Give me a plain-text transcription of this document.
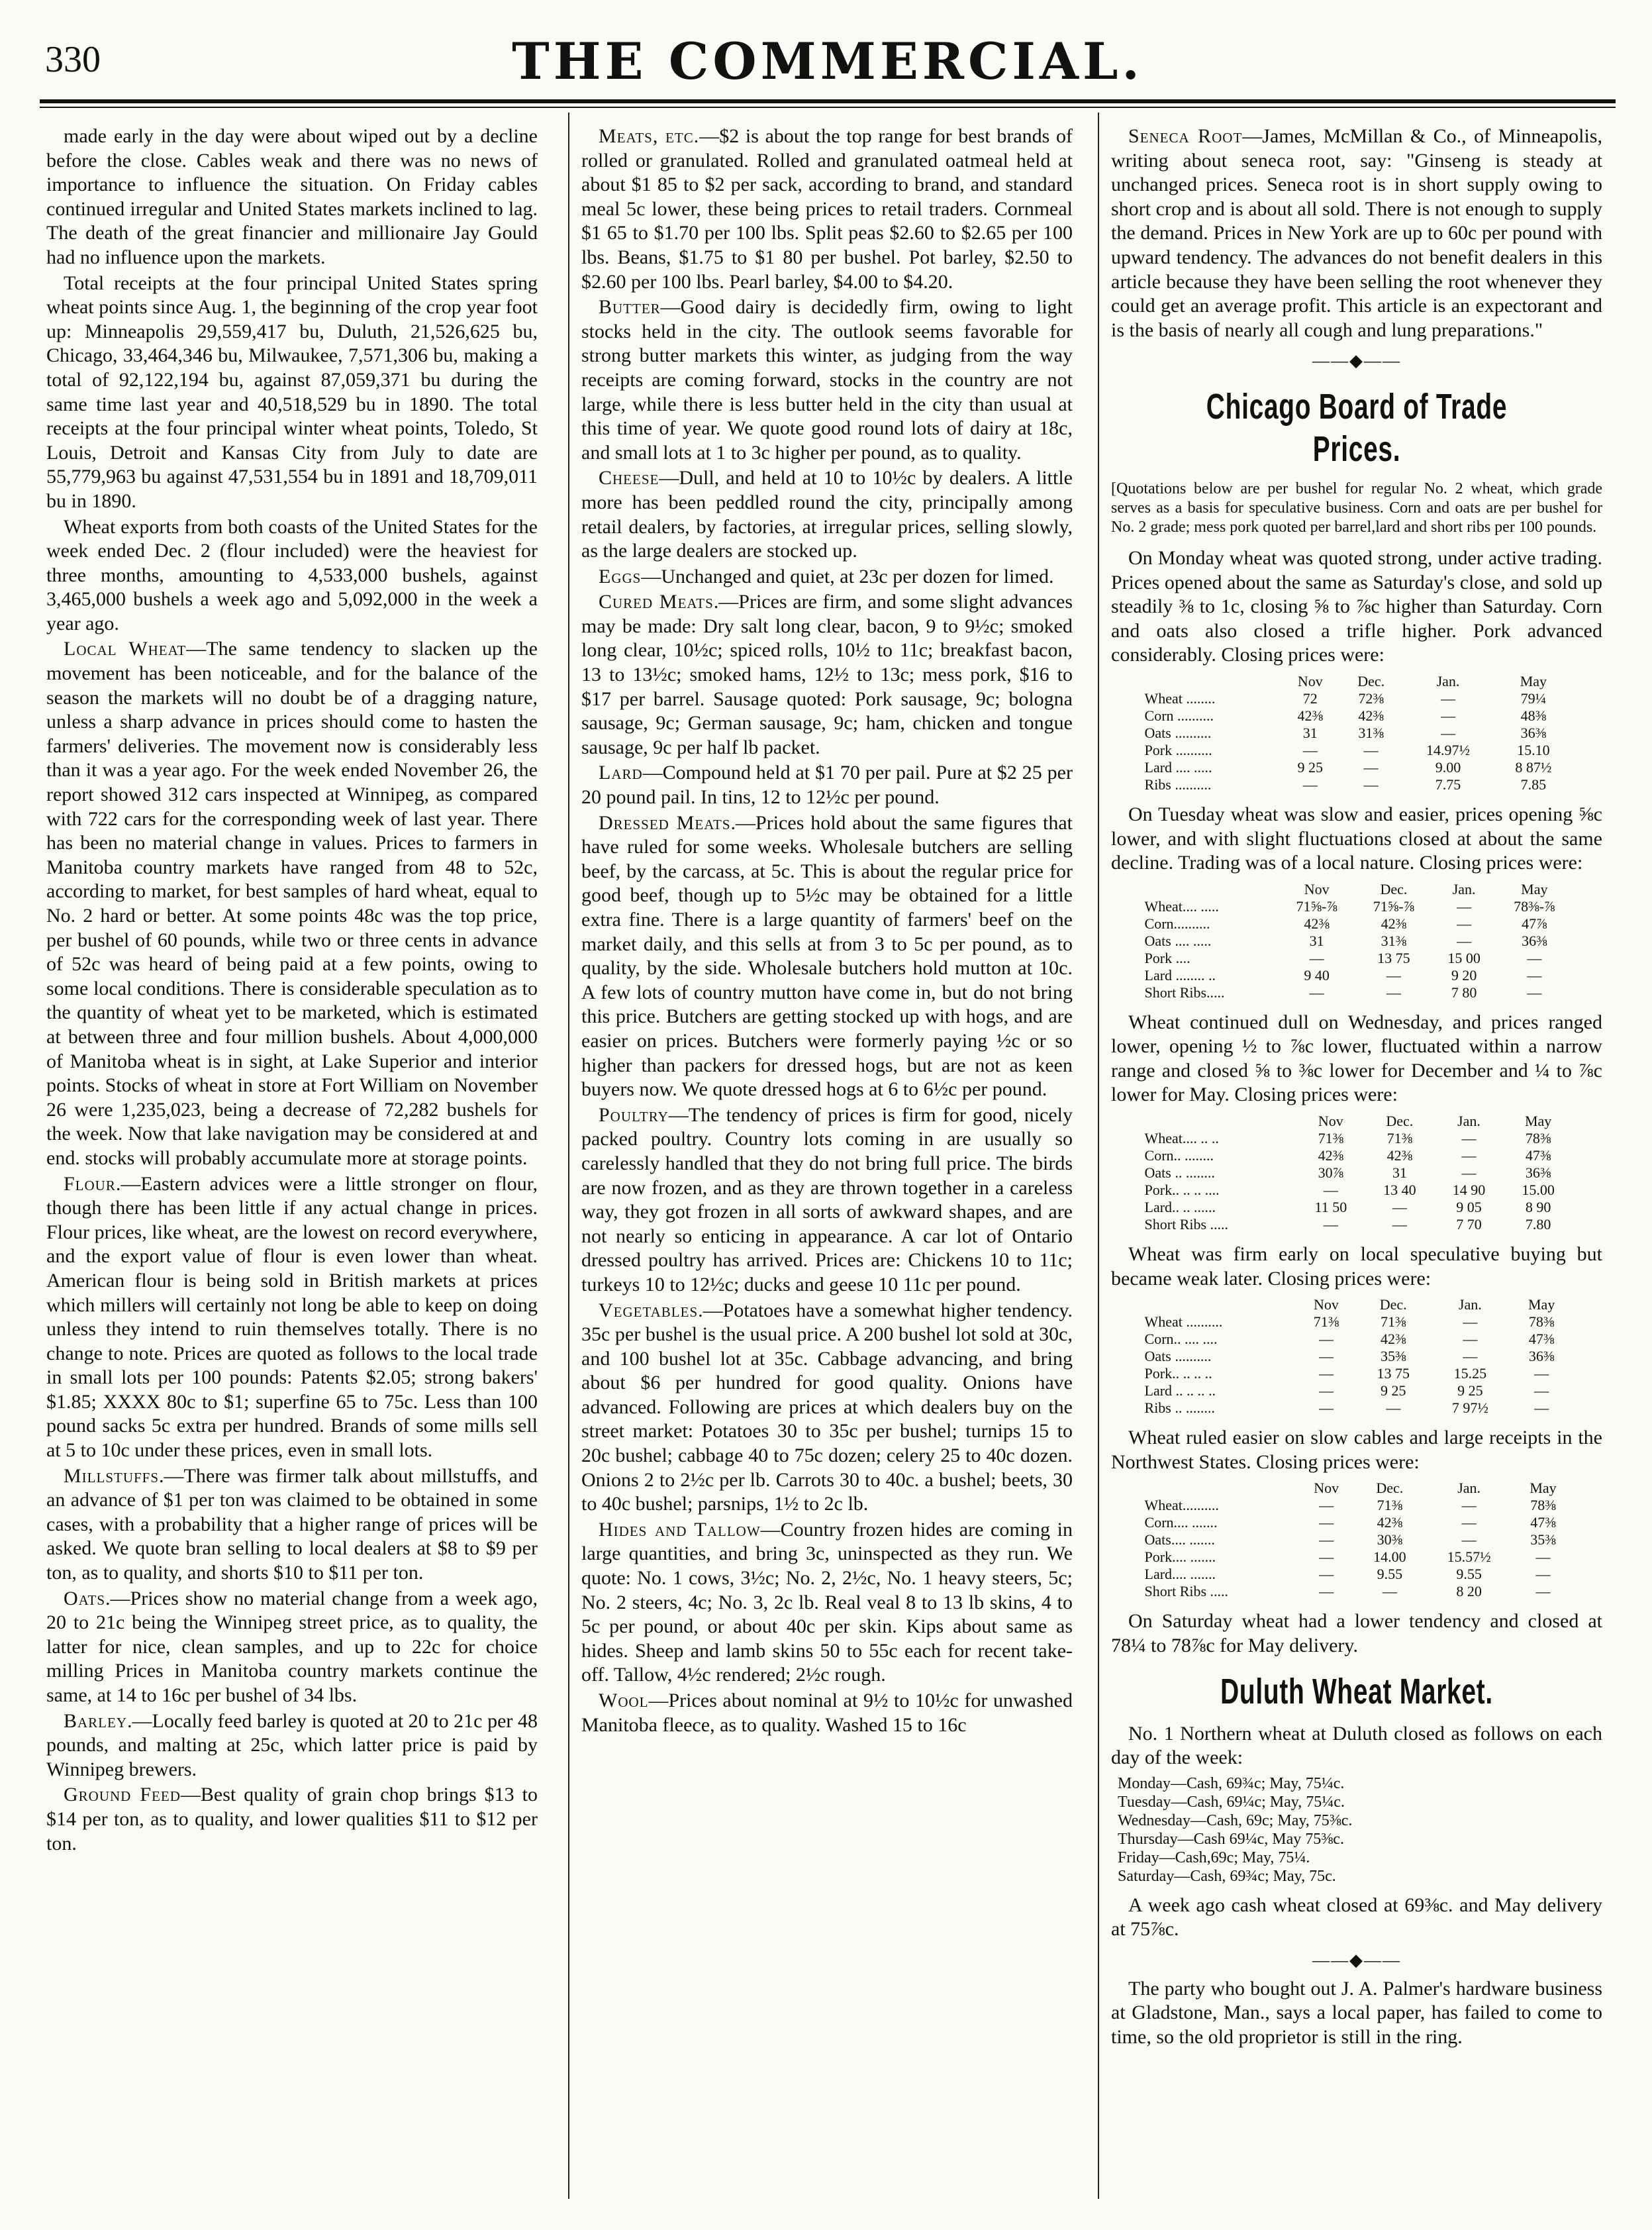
330	THE COMMERCIAL.

made early in the day were about wiped out by a decline before the close. Cables weak and there was no news of importance to influence the situation. On Friday cables continued irregular and United States markets inclined to lag. The death of the great financier and millionaire Jay Gould had no influence upon the markets.

Total receipts at the four principal United States spring wheat points since Aug. 1, the beginning of the crop year foot up: Minneapolis 29,559,417 bu, Duluth, 21,526,625 bu, Chicago, 33,464,346 bu, Milwaukee, 7,571,306 bu, making a total of 92,122,194 bu, against 87,059,371 bu during the same time last year and 40,518,529 bu in 1890. The total receipts at the four principal winter wheat points, Toledo, St Louis, Detroit and Kansas City from July to date are 55,779,963 bu against 47,531,554 bu in 1891 and 18,709,011 bu in 1890.

Wheat exports from both coasts of the United States for the week ended Dec. 2 (flour included) were the heaviest for three months, amounting to 4,533,000 bushels, against 3,465,000 bushels a week ago and 5,092,000 in the week a year ago.

Local Wheat—The same tendency to slacken up the movement has been noticeable, and for the balance of the season the markets will no doubt be of a dragging nature, unless a sharp advance in prices should come to hasten the farmers' deliveries. The movement now is considerably less than it was a year ago. For the week ended November 26, the report showed 312 cars inspected at Winnipeg, as compared with 722 cars for the corresponding week of last year. There has been no material change in values. Prices to farmers in Manitoba country markets have ranged from 48 to 52c, according to market, for best samples of hard wheat, equal to No. 2 hard or better. At some points 48c was the top price, per bushel of 60 pounds, while two or three cents in advance of 52c was heard of being paid at a few points, owing to some local conditions. There is considerable speculation as to the quantity of wheat yet to be marketed, which is estimated at between three and four million bushels. About 4,000,000 of Manitoba wheat is in sight, at Lake Superior and interior points. Stocks of wheat in store at Fort William on November 26 were 1,235,023, being a decrease of 72,282 bushels for the week. Now that lake navigation may be considered at and end. stocks will probably accumulate more at storage points.

Flour.—Eastern advices were a little stronger on flour, though there has been little if any actual change in prices. Flour prices, like wheat, are the lowest on record everywhere, and the export value of flour is even lower than wheat. American flour is being sold in British markets at prices which millers will certainly not long be able to keep on doing unless they intend to ruin themselves totally. There is no change to note. Prices are quoted as follows to the local trade in small lots per 100 pounds: Patents $2.05; strong bakers' $1.85; XXXX 80c to $1; superfine 65 to 75c. Less than 100 pound sacks 5c extra per hundred. Brands of some mills sell at 5 to 10c under these prices, even in small lots.

Millstuffs.—There was firmer talk about millstuffs, and an advance of $1 per ton was claimed to be obtained in some cases, with a probability that a higher range of prices will be asked. We quote bran selling to local dealers at $8 to $9 per ton, as to quality, and shorts $10 to $11 per ton.

Oats.—Prices show no material change from a week ago, 20 to 21c being the Winnipeg street price, as to quality, the latter for nice, clean samples, and up to 22c for choice milling Prices in Manitoba country markets continue the same, at 14 to 16c per bushel of 34 lbs.

Barley.—Locally feed barley is quoted at 20 to 21c per 48 pounds, and malting at 25c, which latter price is paid by Winnipeg brewers.

Ground Feed—Best quality of grain chop brings $13 to $14 per ton, as to quality, and lower qualities $11 to $12 per ton.

Meats, etc.—$2 is about the top range for best brands of rolled or granulated. Rolled and granulated oatmeal held at about $1 85 to $2 per sack, according to brand, and standard meal 5c lower, these being prices to retail traders. Cornmeal $1 65 to $1.70 per 100 lbs. Split peas $2.60 to $2.65 per 100 lbs. Beans, $1.75 to $1 80 per bushel. Pot barley, $2.50 to $2.60 per 100 lbs. Pearl barley, $4.00 to $4.20.

Butter—Good dairy is decidedly firm, owing to light stocks held in the city. The outlook seems favorable for strong butter markets this winter, as judging from the way receipts are coming forward, stocks in the country are not large, while there is less butter held in the city than usual at this time of year. We quote good round lots of dairy at 18c, and small lots at 1 to 3c higher per pound, as to quality.

Cheese—Dull, and held at 10 to 10½c by dealers. A little more has been peddled round the city, principally among retail dealers, by factories, at irregular prices, selling slowly, as the large dealers are stocked up.

Eggs—Unchanged and quiet, at 23c per dozen for limed.

Cured Meats.—Prices are firm, and some slight advances may be made: Dry salt long clear, bacon, 9 to 9½c; smoked long clear, 10½c; spiced rolls, 10½ to 11c; breakfast bacon, 13 to 13½c; smoked hams, 12½ to 13c; mess pork, $16 to $17 per barrel. Sausage quoted: Pork sausage, 9c; bologna sausage, 9c; German sausage, 9c; ham, chicken and tongue sausage, 9c per half lb packet.

Lard—Compound held at $1 70 per pail. Pure at $2 25 per 20 pound pail. In tins, 12 to 12½c per pound.

Dressed Meats.—Prices hold about the same figures that have ruled for some weeks. Wholesale butchers are selling beef, by the carcass, at 5c. This is about the regular price for good beef, though up to 5½c may be obtained for a little extra fine. There is a large quantity of farmers' beef on the market daily, and this sells at from 3 to 5c per pound, as to quality, by the side. Wholesale butchers hold mutton at 10c. A few lots of country mutton have come in, but do not bring this price. Butchers are getting stocked up with hogs, and are easier on prices. Butchers were formerly paying ½c or so higher than packers for dressed hogs, but are not as keen buyers now. We quote dressed hogs at 6 to 6½c per pound.

Poultry—The tendency of prices is firm for good, nicely packed poultry. Country lots coming in are usually so carelessly handled that they do not bring full price. The birds are now frozen, and as they are thrown together in a careless way, they got frozen in all sorts of awkward shapes, and are not nearly so enticing in appearance. A car lot of Ontario dressed poultry has arrived. Prices are: Chickens 10 to 11c; turkeys 10 to 12½c; ducks and geese 10 11c per pound.

Vegetables.—Potatoes have a somewhat higher tendency. 35c per bushel is the usual price. A 200 bushel lot sold at 30c, and 100 bushel lot at 35c. Cabbage advancing, and bring about $6 per hundred for good quality. Onions have advanced. Following are prices at which dealers buy on the street market: Potatoes 30 to 35c per bushel; turnips 15 to 20c bushel; cabbage 40 to 75c dozen; celery 25 to 40c dozen. Onions 2 to 2½c per lb. Carrots 30 to 40c. a bushel; beets, 30 to 40c bushel; parsnips, 1½ to 2c lb.

Hides and Tallow—Country frozen hides are coming in large quantities, and bring 3c, uninspected as they run. We quote: No. 1 cows, 3½c; No. 2, 2½c, No. 1 heavy steers, 5c; No. 2 steers, 4c; No. 3, 2c lb. Real veal 8 to 13 lb skins, 4 to 5c per pound, or about 40c per skin. Kips about same as hides. Sheep and lamb skins 50 to 55c each for recent take-off. Tallow, 4½c rendered; 2½c rough.

Wool—Prices about nominal at 9½ to 10½c for unwashed Manitoba fleece, as to quality. Washed 15 to 16c

Seneca Root—James, McMillan & Co., of Minneapolis, writing about seneca root, say: "Ginseng is steady at unchanged prices. Seneca root is in short supply owing to short crop and is about all sold. There is not enough to supply the demand. Prices in New York are up to 60c per pound with upward tendency. The advances do not benefit dealers in this article because they have been selling the root whenever they could get an average profit. This article is an expectorant and is the basis of nearly all cough and lung preparations."

——◆——
Chicago Board of Trade Prices.
[Quotations below are per bushel for regular No. 2 wheat, which grade serves as a basis for speculative business. Corn and oats are per bushel for No. 2 grade; mess pork quoted per barrel,lard and short ribs per 100 pounds.

On Monday wheat was quoted strong, under active trading. Prices opened about the same as Saturday's close, and sold up steadily ⅜ to 1c, closing ⅝ to ⅞c higher than Saturday. Corn and oats also closed a trifle higher. Pork advanced considerably. Closing prices were:

	Nov	Dec.	Jan.	May
Wheat ........	72	72⅜	—	79¼
Corn ..........	42⅜	42⅜	—	48⅜
Oats ..........	31	31⅜	—	36⅜
Pork ..........	—	—	14.97½	15.10
Lard .... .....	9 25	—	9.00	8 87½
Ribs ..........	—	—	7.75	7.85

On Tuesday wheat was slow and easier, prices opening ⅝c lower, and with slight fluctuations closed at about the same decline. Trading was of a local nature. Closing prices were:

	Nov	Dec.	Jan.	May
Wheat.... .....	71⅝-⅞	71⅝-⅞	—	78⅜-⅞
Corn..........	42⅜	42⅜	—	47⅞
Oats .... .....	31	31⅜	—	36⅜
Pork ....	—	13 75	15 00	—
Lard ........ ..	9 40	—	9 20	—
Short Ribs.....	—	—	7 80	—

Wheat continued dull on Wednesday, and prices ranged lower, opening ½ to ⅞c lower, fluctuated within a narrow range and closed ⅝ to ⅜c lower for December and ¼ to ⅞c lower for May. Closing prices were:

	Nov	Dec.	Jan.	May
Wheat.... .. ..	71⅜	71⅜	—	78⅜
Corn.. ........	42⅜	42⅜	—	47⅜
Oats .. ........	30⅞	31	—	36⅜
Pork.. .. .. ....	—	13 40	14 90	15.00
Lard.. .. ......	11 50	—	9 05	8 90
Short Ribs .....	—	—	7 70	7.80

Wheat was firm early on local speculative buying but became weak later. Closing prices were:

	Nov	Dec.	Jan.	May
Wheat ..........	71⅜	71⅜	—	78⅜
Corn.. .... ....	—	42⅜	—	47⅜
Oats ..........	—	35⅜	—	36⅜
Pork.. .. .. ..	—	13 75	15.25	—
Lard .. .. .. ..	—	9 25	9 25	—
Ribs .. ........	—	—	7 97½	—

Wheat ruled easier on slow cables and large receipts in the Northwest States. Closing prices were:

	Nov	Dec.	Jan.	May
Wheat..........	—	71⅜	—	78⅜
Corn.... .......	—	42⅜	—	47⅜
Oats.... .......	—	30⅜	—	35⅜
Pork.... .......	—	14.00	15.57½	—
Lard.... .......	—	9.55	9.55	—
Short Ribs .....	—	—	8 20	—

On Saturday wheat had a lower tendency and closed at 78¼ to 78⅞c for May delivery.

Duluth Wheat Market.

No. 1 Northern wheat at Duluth closed as follows on each day of the week:

Monday—Cash, 69¾c; May, 75¼c.
Tuesday—Cash, 69¼c; May, 75¼c.
Wednesday—Cash, 69c; May, 75⅜c.
Thursday—Cash 69¼c, May 75⅜c.
Friday—Cash,69c; May, 75¼.
Saturday—Cash, 69¾c; May, 75c.

A week ago cash wheat closed at 69⅜c. and May delivery at 75⅞c.

——◆——

The party who bought out J. A. Palmer's hardware business at Gladstone, Man., says a local paper, has failed to come to time, so the old proprietor is still in the ring.
